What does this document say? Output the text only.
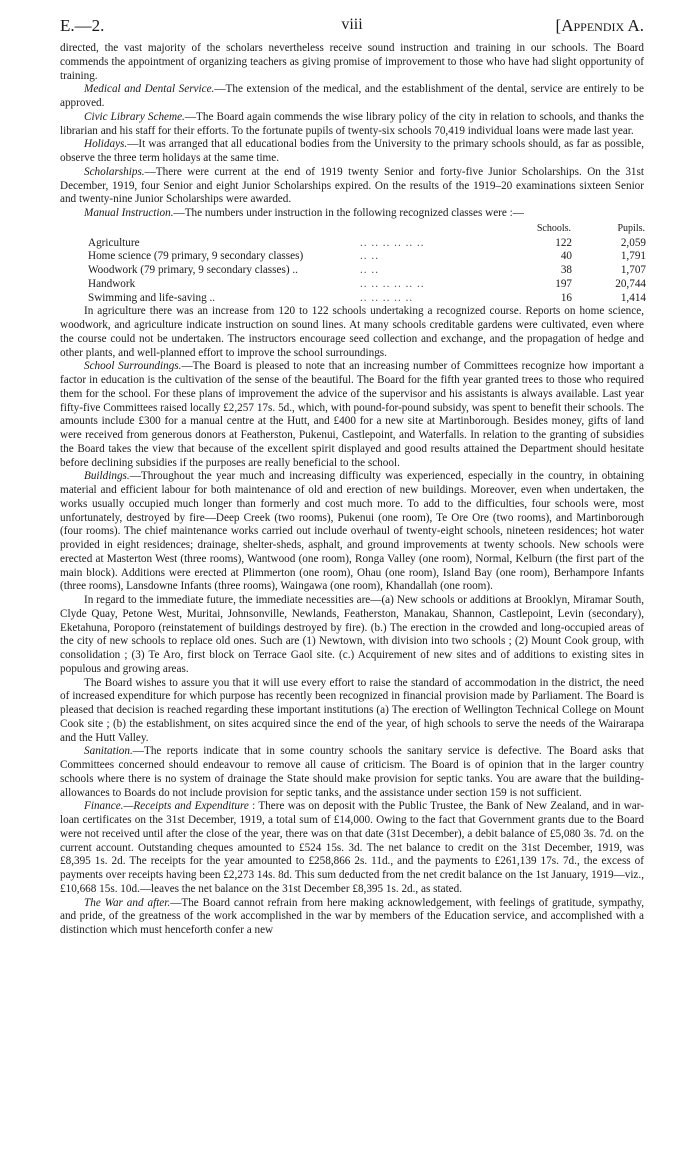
E.—2.	viii	[Appendix A.

directed, the vast majority of the scholars nevertheless receive sound instruction and training in our schools. The Board commends the appointment of organizing teachers as giving promise of improvement to those who have had slight opportunity of training.

Medical and Dental Service.—The extension of the medical, and the establishment of the dental, service are entirely to be approved.

Civic Library Scheme.—The Board again commends the wise library policy of the city in relation to schools, and thanks the librarian and his staff for their efforts. To the fortunate pupils of twenty-six schools 70,419 individual loans were made last year.

Holidays.—It was arranged that all educational bodies from the University to the primary schools should, as far as possible, observe the three term holidays at the same time.

Scholarships.—There were current at the end of 1919 twenty Senior and forty-five Junior Scholarships. On the 31st December, 1919, four Senior and eight Junior Scholarships expired. On the results of the 1919–20 examinations sixteen Senior and twenty-nine Junior Scholarships were awarded.

Manual Instruction.—The numbers under instruction in the following recognized classes were :—

		Schools.	Pupils.
Agriculture	.. .. .. .. .. ..	122	2,059
Home science (79 primary, 9 secondary classes)	.. ..	40	1,791
Woodwork (79 primary, 9 secondary classes) ..	.. ..	38	1,707
Handwork	.. .. .. .. .. ..	197	20,744
Swimming and life-saving ..	.. .. .. .. ..	16	1,414

In agriculture there was an increase from 120 to 122 schools undertaking a recognized course. Reports on home science, woodwork, and agriculture indicate instruction on sound lines. At many schools creditable gardens were cultivated, even where the course could not be undertaken. The instructors encourage seed collection and exchange, and the propagation of hedge and other plants, and well-planned effort to improve the school surroundings.

School Surroundings.—The Board is pleased to note that an increasing number of Committees recognize how important a factor in education is the cultivation of the sense of the beautiful. The Board for the fifth year granted trees to those who required them for the school. For these plans of improvement the advice of the supervisor and his assistants is always available. Last year fifty-five Committees raised locally £2,257 17s. 5d., which, with pound-for-pound subsidy, was spent to benefit their schools. The amounts include £300 for a manual centre at the Hutt, and £400 for a new site at Martinborough. Besides money, gifts of land were received from generous donors at Featherston, Pukenui, Castlepoint, and Waterfalls. In relation to the granting of subsidies the Board takes the view that because of the excellent spirit displayed and good results attained the Department should hesitate before declining subsidies if the purposes are really beneficial to the school.

Buildings.—Throughout the year much and increasing difficulty was experienced, especially in the country, in obtaining material and efficient labour for both maintenance of old and erection of new buildings. Moreover, even when undertaken, the works usually occupied much longer than formerly and cost much more. To add to the difficulties, four schools were, most unfortunately, destroyed by fire—Deep Creek (two rooms), Pukenui (one room), Te Ore Ore (two rooms), and Martinborough (four rooms). The chief maintenance works carried out include overhaul of twenty-eight schools, nineteen residences; hot water provided in eight residences; drainage, shelter-sheds, asphalt, and ground improvements at twenty schools. New schools were erected at Masterton West (three rooms), Wantwood (one room), Ronga Valley (one room), Normal, Kelburn (the first part of the main block). Additions were erected at Plimmerton (one room), Ohau (one room), Island Bay (one room), Berhampore Infants (three rooms), Lansdowne Infants (three rooms), Waingawa (one room), Khandallah (one room).

In regard to the immediate future, the immediate necessities are—(a) New schools or additions at Brooklyn, Miramar South, Clyde Quay, Petone West, Muritai, Johnsonville, Newlands, Featherston, Manakau, Shannon, Castlepoint, Levin (secondary), Eketahuna, Poroporo (reinstatement of buildings destroyed by fire). (b.) The erection in the crowded and long-occupied areas of the city of new schools to replace old ones. Such are (1) Newtown, with division into two schools ; (2) Mount Cook group, with consolidation ; (3) Te Aro, first block on Terrace Gaol site. (c.) Acquirement of new sites and of additions to existing sites in populous and growing areas.

The Board wishes to assure you that it will use every effort to raise the standard of accommodation in the district, the need of increased expenditure for which purpose has recently been recognized in financial provision made by Parliament. The Board is pleased that decision is reached regarding these important institutions (a) The erection of Wellington Technical College on Mount Cook site ; (b) the establishment, on sites acquired since the end of the year, of high schools to serve the needs of the Wairarapa and the Hutt Valley.

Sanitation.—The reports indicate that in some country schools the sanitary service is defective. The Board asks that Committees concerned should endeavour to remove all cause of criticism. The Board is of opinion that in the larger country schools where there is no system of drainage the State should make provision for septic tanks. You are aware that the building-allowances to Boards do not include provision for septic tanks, and the assistance under section 159 is not sufficient.

Finance.—Receipts and Expenditure : There was on deposit with the Public Trustee, the Bank of New Zealand, and in war-loan certificates on the 31st December, 1919, a total sum of £14,000. Owing to the fact that Government grants due to the Board were not received until after the close of the year, there was on that date (31st December), a debit balance of £5,080 3s. 7d. on the current account. Outstanding cheques amounted to £524 15s. 3d. The net balance to credit on the 31st December, 1919, was £8,395 1s. 2d. The receipts for the year amounted to £258,866 2s. 11d., and the payments to £261,139 17s. 7d., the excess of payments over receipts having been £2,273 14s. 8d. This sum deducted from the net credit balance on the 1st January, 1919—viz., £10,668 15s. 10d.—leaves the net balance on the 31st December £8,395 1s. 2d., as stated.

The War and after.—The Board cannot refrain from here making acknowledgement, with feelings of gratitude, sympathy, and pride, of the greatness of the work accomplished in the war by members of the Education service, and accomplished with a distinction which must henceforth confer a new
